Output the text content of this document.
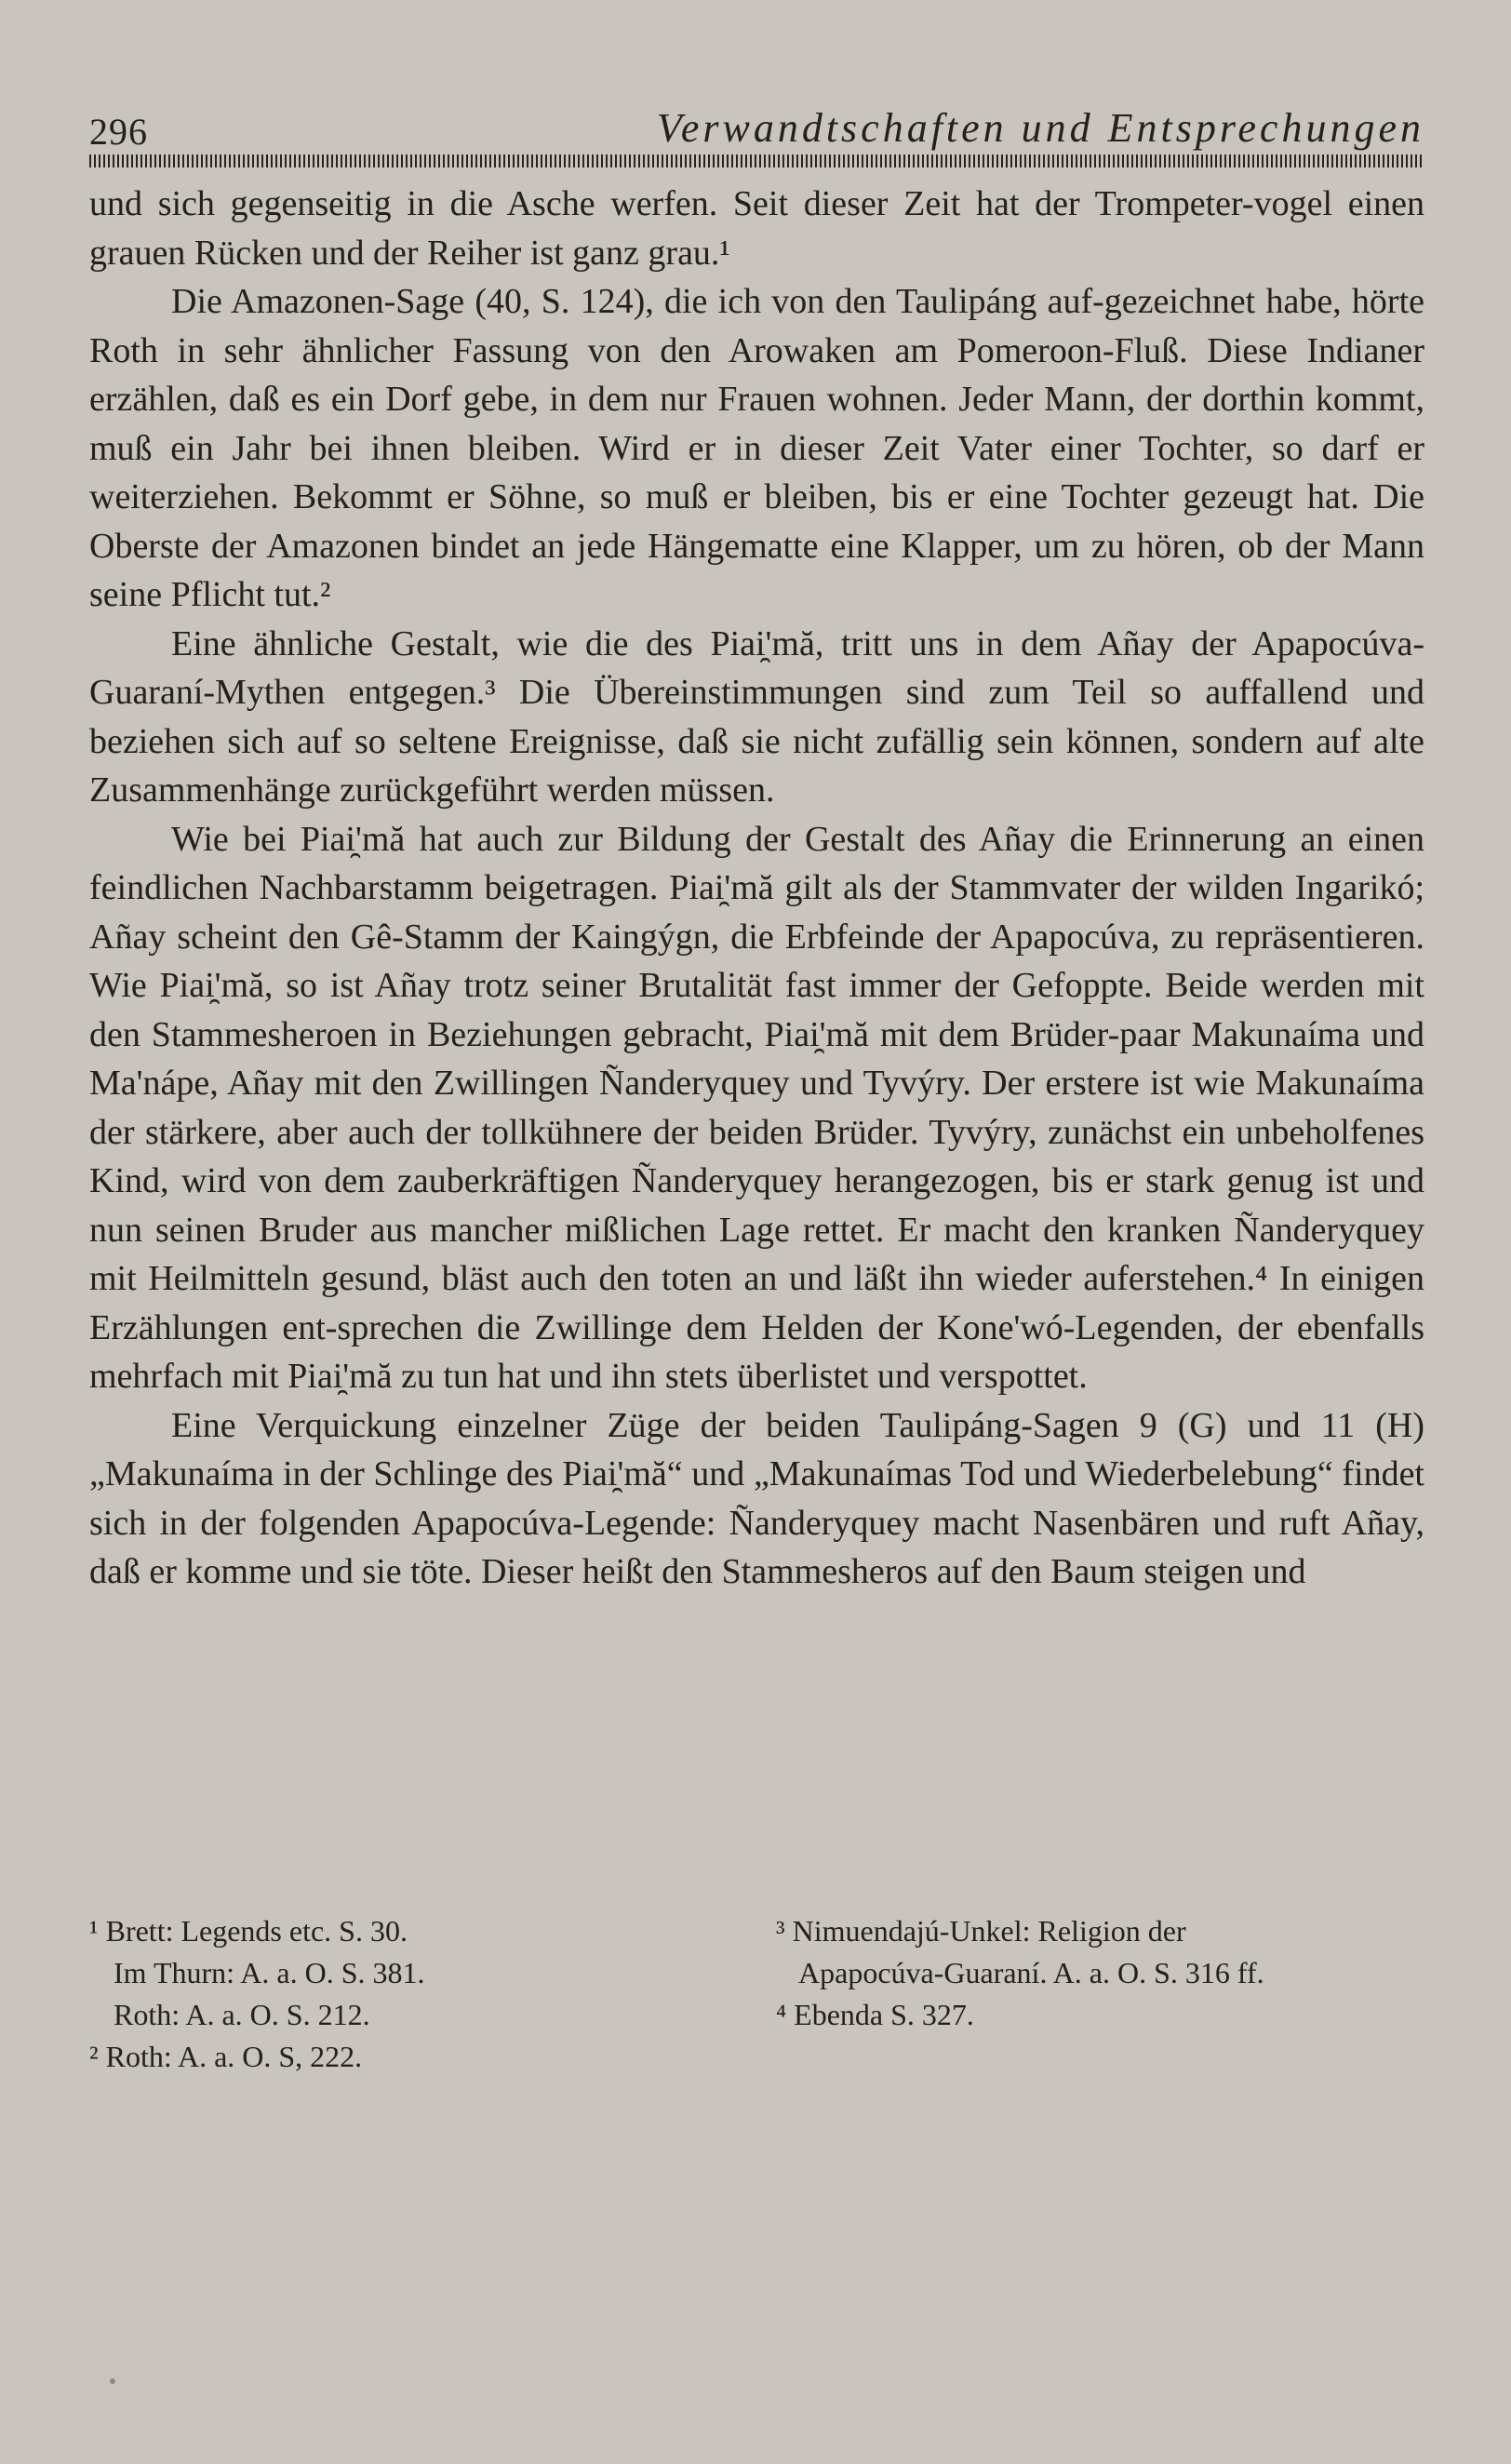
296	Verwandtschaften und Entsprechungen

und sich gegenseitig in die Asche werfen. Seit dieser Zeit hat der Trompeter-vogel einen grauen Rücken und der Reiher ist ganz grau.¹

Die Amazonen-Sage (40, S. 124), die ich von den Taulipáng auf-gezeichnet habe, hörte Roth in sehr ähnlicher Fassung von den Arowaken am Pomeroon-Fluß. Diese Indianer erzählen, daß es ein Dorf gebe, in dem nur Frauen wohnen. Jeder Mann, der dorthin kommt, muß ein Jahr bei ihnen bleiben. Wird er in dieser Zeit Vater einer Tochter, so darf er weiterziehen. Bekommt er Söhne, so muß er bleiben, bis er eine Tochter gezeugt hat. Die Oberste der Amazonen bindet an jede Hängematte eine Klapper, um zu hören, ob der Mann seine Pflicht tut.²

Eine ähnliche Gestalt, wie die des Piai̯'mă, tritt uns in dem Añay der Apapocúva-Guaraní-Mythen entgegen.³ Die Übereinstimmungen sind zum Teil so auffallend und beziehen sich auf so seltene Ereignisse, daß sie nicht zufällig sein können, sondern auf alte Zusammenhänge zurückgeführt werden müssen.

Wie bei Piai̯'mă hat auch zur Bildung der Gestalt des Añay die Erinnerung an einen feindlichen Nachbarstamm beigetragen. Piai̯'mă gilt als der Stammvater der wilden Ingarikó; Añay scheint den Gê-Stamm der Kaingýgn, die Erbfeinde der Apapocúva, zu repräsentieren. Wie Piai̯'mă, so ist Añay trotz seiner Brutalität fast immer der Gefoppte. Beide werden mit den Stammesheroen in Beziehungen gebracht, Piai̯'mă mit dem Brüder-paar Makunaíma und Ma'nápe, Añay mit den Zwillingen Ñanderyquey und Tyvýry. Der erstere ist wie Makunaíma der stärkere, aber auch der tollkühnere der beiden Brüder. Tyvýry, zunächst ein unbeholfenes Kind, wird von dem zauberkräftigen Ñanderyquey herangezogen, bis er stark genug ist und nun seinen Bruder aus mancher mißlichen Lage rettet. Er macht den kranken Ñanderyquey mit Heilmitteln gesund, bläst auch den toten an und läßt ihn wieder auferstehen.⁴ In einigen Erzählungen ent-sprechen die Zwillinge dem Helden der Kone'wó-Legenden, der ebenfalls mehrfach mit Piai̯'mă zu tun hat und ihn stets überlistet und verspottet.

Eine Verquickung einzelner Züge der beiden Taulipáng-Sagen 9 (G) und 11 (H) „Makunaíma in der Schlinge des Piai̯'mă“ und „Makunaímas Tod und Wiederbelebung“ findet sich in der folgenden Apapocúva-Legende: Ñanderyquey macht Nasenbären und ruft Añay, daß er komme und sie töte. Dieser heißt den Stammesheros auf den Baum steigen und

¹ Brett: Legends etc. S. 30.
Im Thurn: A. a. O. S. 381.
Roth: A. a. O. S. 212.
² Roth: A. a. O. S, 222.
³ Nimuendajú-Unkel: Religion der
Apapocúva-Guaraní. A. a. O. S. 316 ff.
⁴ Ebenda S. 327.
